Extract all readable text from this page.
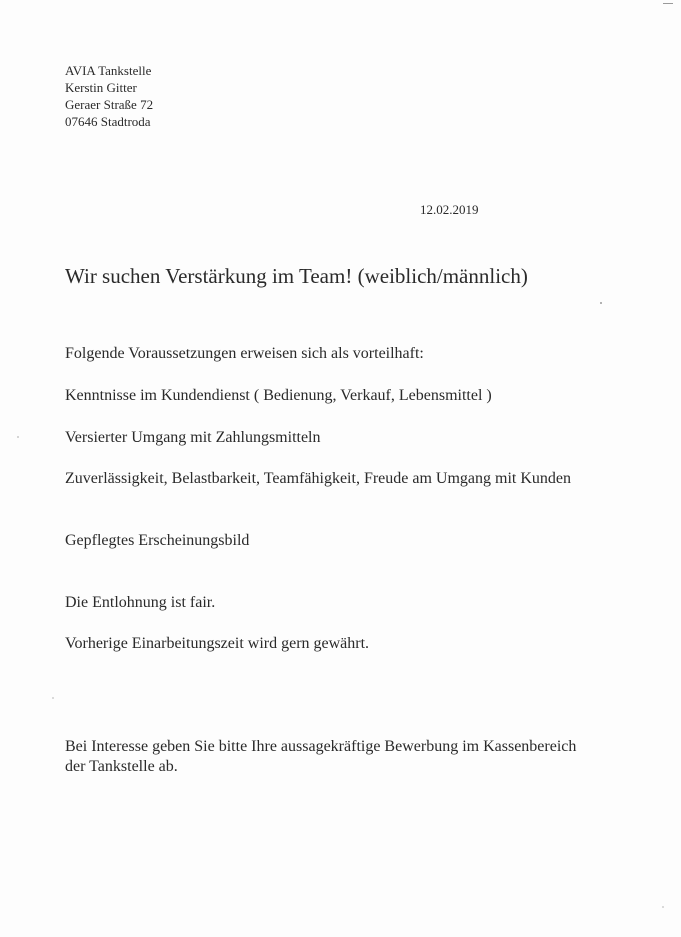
AVIA Tankstelle
Kerstin Gitter
Geraer Straße 72
07646 Stadtroda
12.02.2019
Wir suchen Verstärkung im Team! (weiblich/männlich)
Folgende Voraussetzungen erweisen sich als vorteilhaft:
Kenntnisse im Kundendienst ( Bedienung, Verkauf, Lebensmittel )
Versierter Umgang mit Zahlungsmitteln
Zuverlässigkeit, Belastbarkeit, Teamfähigkeit, Freude am Umgang mit Kunden
Gepflegtes Erscheinungsbild
Die Entlohnung ist fair.
Vorherige Einarbeitungszeit wird gern gewährt.
Bei Interesse geben Sie bitte Ihre aussagekräftige Bewerbung im Kassenbereich der Tankstelle ab.
